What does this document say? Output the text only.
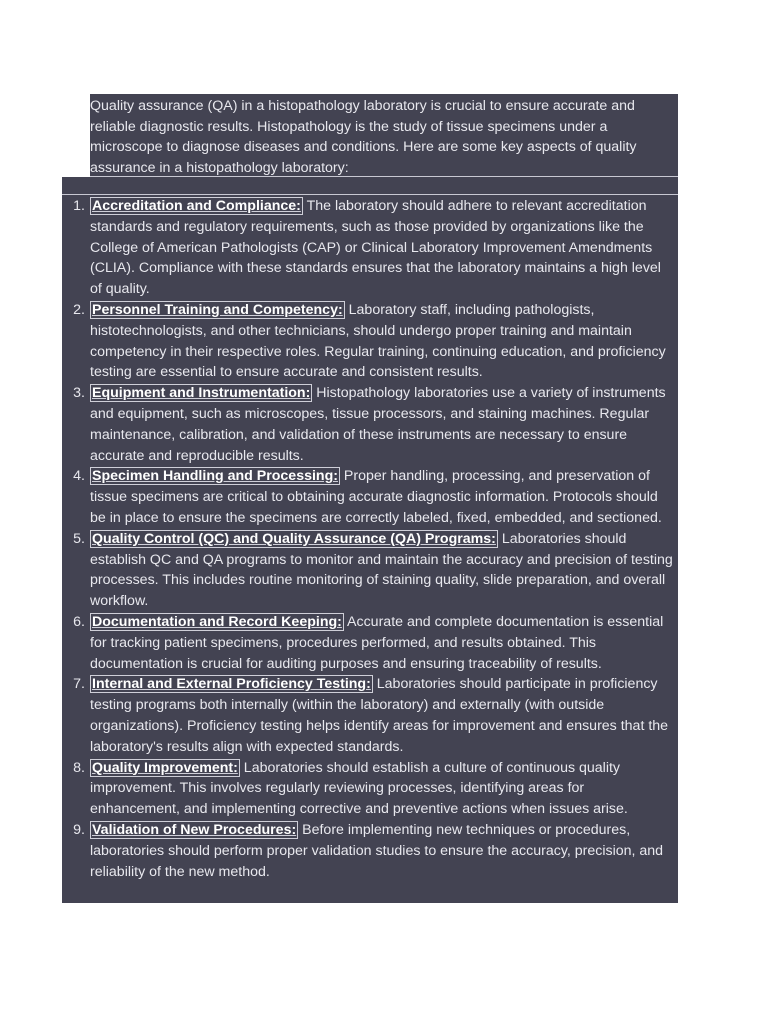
Quality assurance (QA) in a histopathology laboratory is crucial to ensure accurate and reliable diagnostic results. Histopathology is the study of tissue specimens under a microscope to diagnose diseases and conditions. Here are some key aspects of quality assurance in a histopathology laboratory:

1. Accreditation and Compliance: The laboratory should adhere to relevant accreditation standards and regulatory requirements, such as those provided by organizations like the College of American Pathologists (CAP) or Clinical Laboratory Improvement Amendments (CLIA). Compliance with these standards ensures that the laboratory maintains a high level of quality.
2. Personnel Training and Competency: Laboratory staff, including pathologists, histotechnologists, and other technicians, should undergo proper training and maintain competency in their respective roles. Regular training, continuing education, and proficiency testing are essential to ensure accurate and consistent results.
3. Equipment and Instrumentation: Histopathology laboratories use a variety of instruments and equipment, such as microscopes, tissue processors, and staining machines. Regular maintenance, calibration, and validation of these instruments are necessary to ensure accurate and reproducible results.
4. Specimen Handling and Processing: Proper handling, processing, and preservation of tissue specimens are critical to obtaining accurate diagnostic information. Protocols should be in place to ensure the specimens are correctly labeled, fixed, embedded, and sectioned.
5. Quality Control (QC) and Quality Assurance (QA) Programs: Laboratories should establish QC and QA programs to monitor and maintain the accuracy and precision of testing processes. This includes routine monitoring of staining quality, slide preparation, and overall workflow.
6. Documentation and Record Keeping: Accurate and complete documentation is essential for tracking patient specimens, procedures performed, and results obtained. This documentation is crucial for auditing purposes and ensuring traceability of results.
7. Internal and External Proficiency Testing: Laboratories should participate in proficiency testing programs both internally (within the laboratory) and externally (with outside organizations). Proficiency testing helps identify areas for improvement and ensures that the laboratory's results align with expected standards.
8. Quality Improvement: Laboratories should establish a culture of continuous quality improvement. This involves regularly reviewing processes, identifying areas for enhancement, and implementing corrective and preventive actions when issues arise.
9. Validation of New Procedures: Before implementing new techniques or procedures, laboratories should perform proper validation studies to ensure the accuracy, precision, and reliability of the new method.
